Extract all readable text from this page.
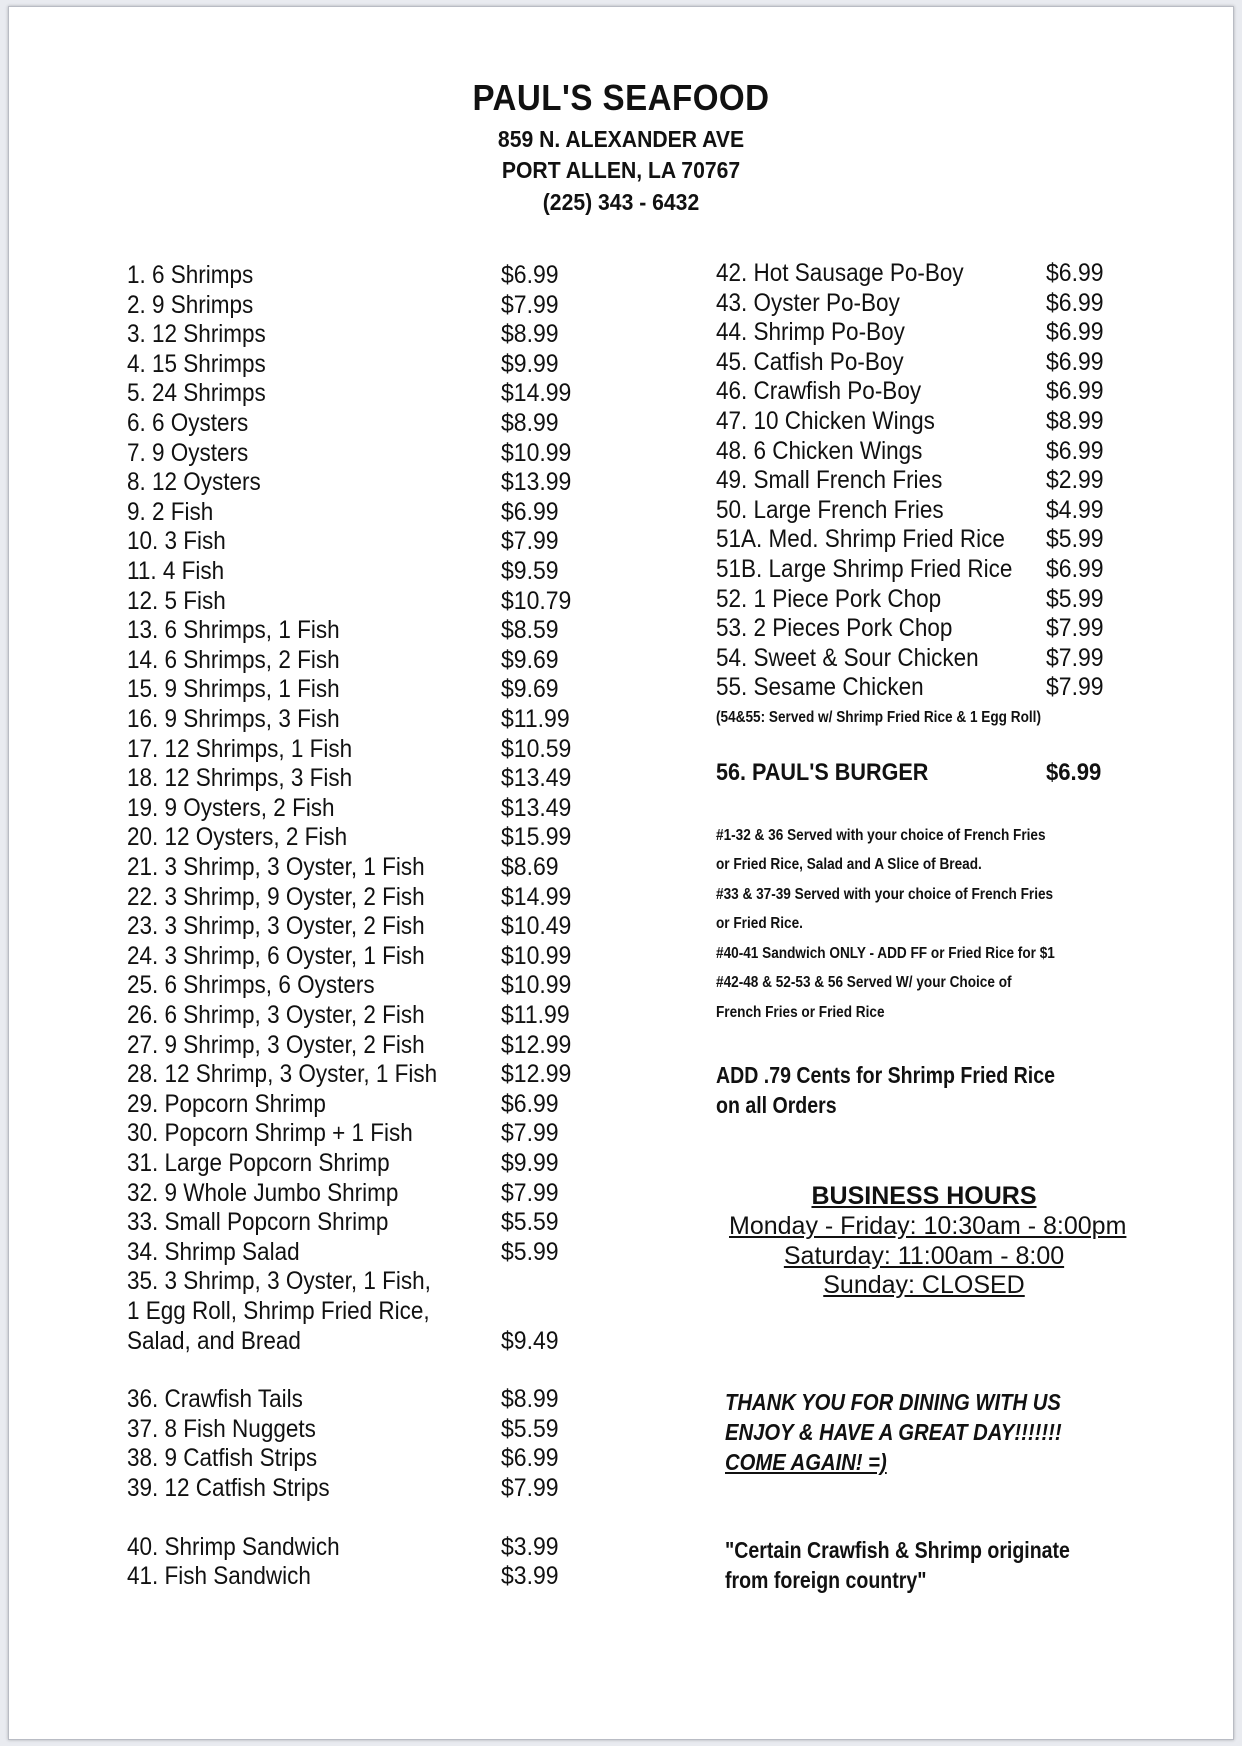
PAUL'S SEAFOOD
859 N. ALEXANDER AVE
PORT ALLEN, LA 70767
(225) 343 - 6432
(54&55: Served w/ Shrimp Fried Rice & 1 Egg Roll)
56. PAUL'S BURGER	$6.99
#1-32 & 36 Served with your choice of French Fries
or Fried Rice, Salad and A Slice of Bread.
#33 & 37-39 Served with your choice of French Fries
or Fried Rice.
#40-41 Sandwich ONLY - ADD FF or Fried Rice for $1
#42-48 & 52-53 & 56 Served W/ your Choice of
French Fries or Fried Rice
ADD .79 Cents for Shrimp Fried Rice
on all Orders
BUSINESS HOURS
Monday - Friday: 10:30am - 8:00pm
Saturday: 11:00am - 8:00
Sunday: CLOSED
THANK YOU FOR DINING WITH US
ENJOY & HAVE A GREAT DAY!!!!!!!
COME AGAIN! =)
"Certain Crawfish & Shrimp originate
from foreign country"
1. 6 Shrimps	$6.99
2. 9 Shrimps	$7.99
3. 12 Shrimps	$8.99
4. 15 Shrimps	$9.99
5. 24 Shrimps	$14.99
6. 6 Oysters	$8.99
7. 9 Oysters	$10.99
8. 12 Oysters	$13.99
9. 2 Fish	$6.99
10. 3 Fish	$7.99
11. 4 Fish	$9.59
12. 5 Fish	$10.79
13. 6 Shrimps, 1 Fish	$8.59
14. 6 Shrimps, 2 Fish	$9.69
15. 9 Shrimps, 1 Fish	$9.69
16. 9 Shrimps, 3 Fish	$11.99
17. 12 Shrimps, 1 Fish	$10.59
18. 12 Shrimps, 3 Fish	$13.49
19. 9 Oysters, 2 Fish	$13.49
20. 12 Oysters, 2 Fish	$15.99
21. 3 Shrimp, 3 Oyster, 1 Fish	$8.69
22. 3 Shrimp, 9 Oyster, 2 Fish	$14.99
23. 3 Shrimp, 3 Oyster, 2 Fish	$10.49
24. 3 Shrimp, 6 Oyster, 1 Fish	$10.99
25. 6 Shrimps, 6 Oysters	$10.99
26. 6 Shrimp, 3 Oyster, 2 Fish	$11.99
27. 9 Shrimp, 3 Oyster, 2 Fish	$12.99
28. 12 Shrimp, 3 Oyster, 1 Fish	$12.99
29. Popcorn Shrimp	$6.99
30. Popcorn Shrimp + 1 Fish	$7.99
31. Large Popcorn Shrimp	$9.99
32. 9 Whole Jumbo Shrimp	$7.99
33. Small Popcorn Shrimp	$5.59
34. Shrimp Salad	$5.99
35. 3 Shrimp, 3 Oyster, 1 Fish,
1 Egg Roll, Shrimp Fried Rice,
Salad, and Bread	$9.49
36. Crawfish Tails	$8.99
37. 8 Fish Nuggets	$5.59
38. 9 Catfish Strips	$6.99
39. 12 Catfish Strips	$7.99
40. Shrimp Sandwich	$3.99
41. Fish Sandwich	$3.99
42. Hot Sausage Po-Boy	$6.99
43. Oyster Po-Boy	$6.99
44. Shrimp Po-Boy	$6.99
45. Catfish Po-Boy	$6.99
46. Crawfish Po-Boy	$6.99
47. 10 Chicken Wings	$8.99
48. 6 Chicken Wings	$6.99
49. Small French Fries	$2.99
50. Large French Fries	$4.99
51A. Med. Shrimp Fried Rice $5.99
51B. Large Shrimp Fried Rice $6.99
52. 1 Piece Pork Chop	$5.99
53. 2 Pieces Pork Chop	$7.99
54. Sweet & Sour Chicken	$7.99
55. Sesame Chicken	$7.99
